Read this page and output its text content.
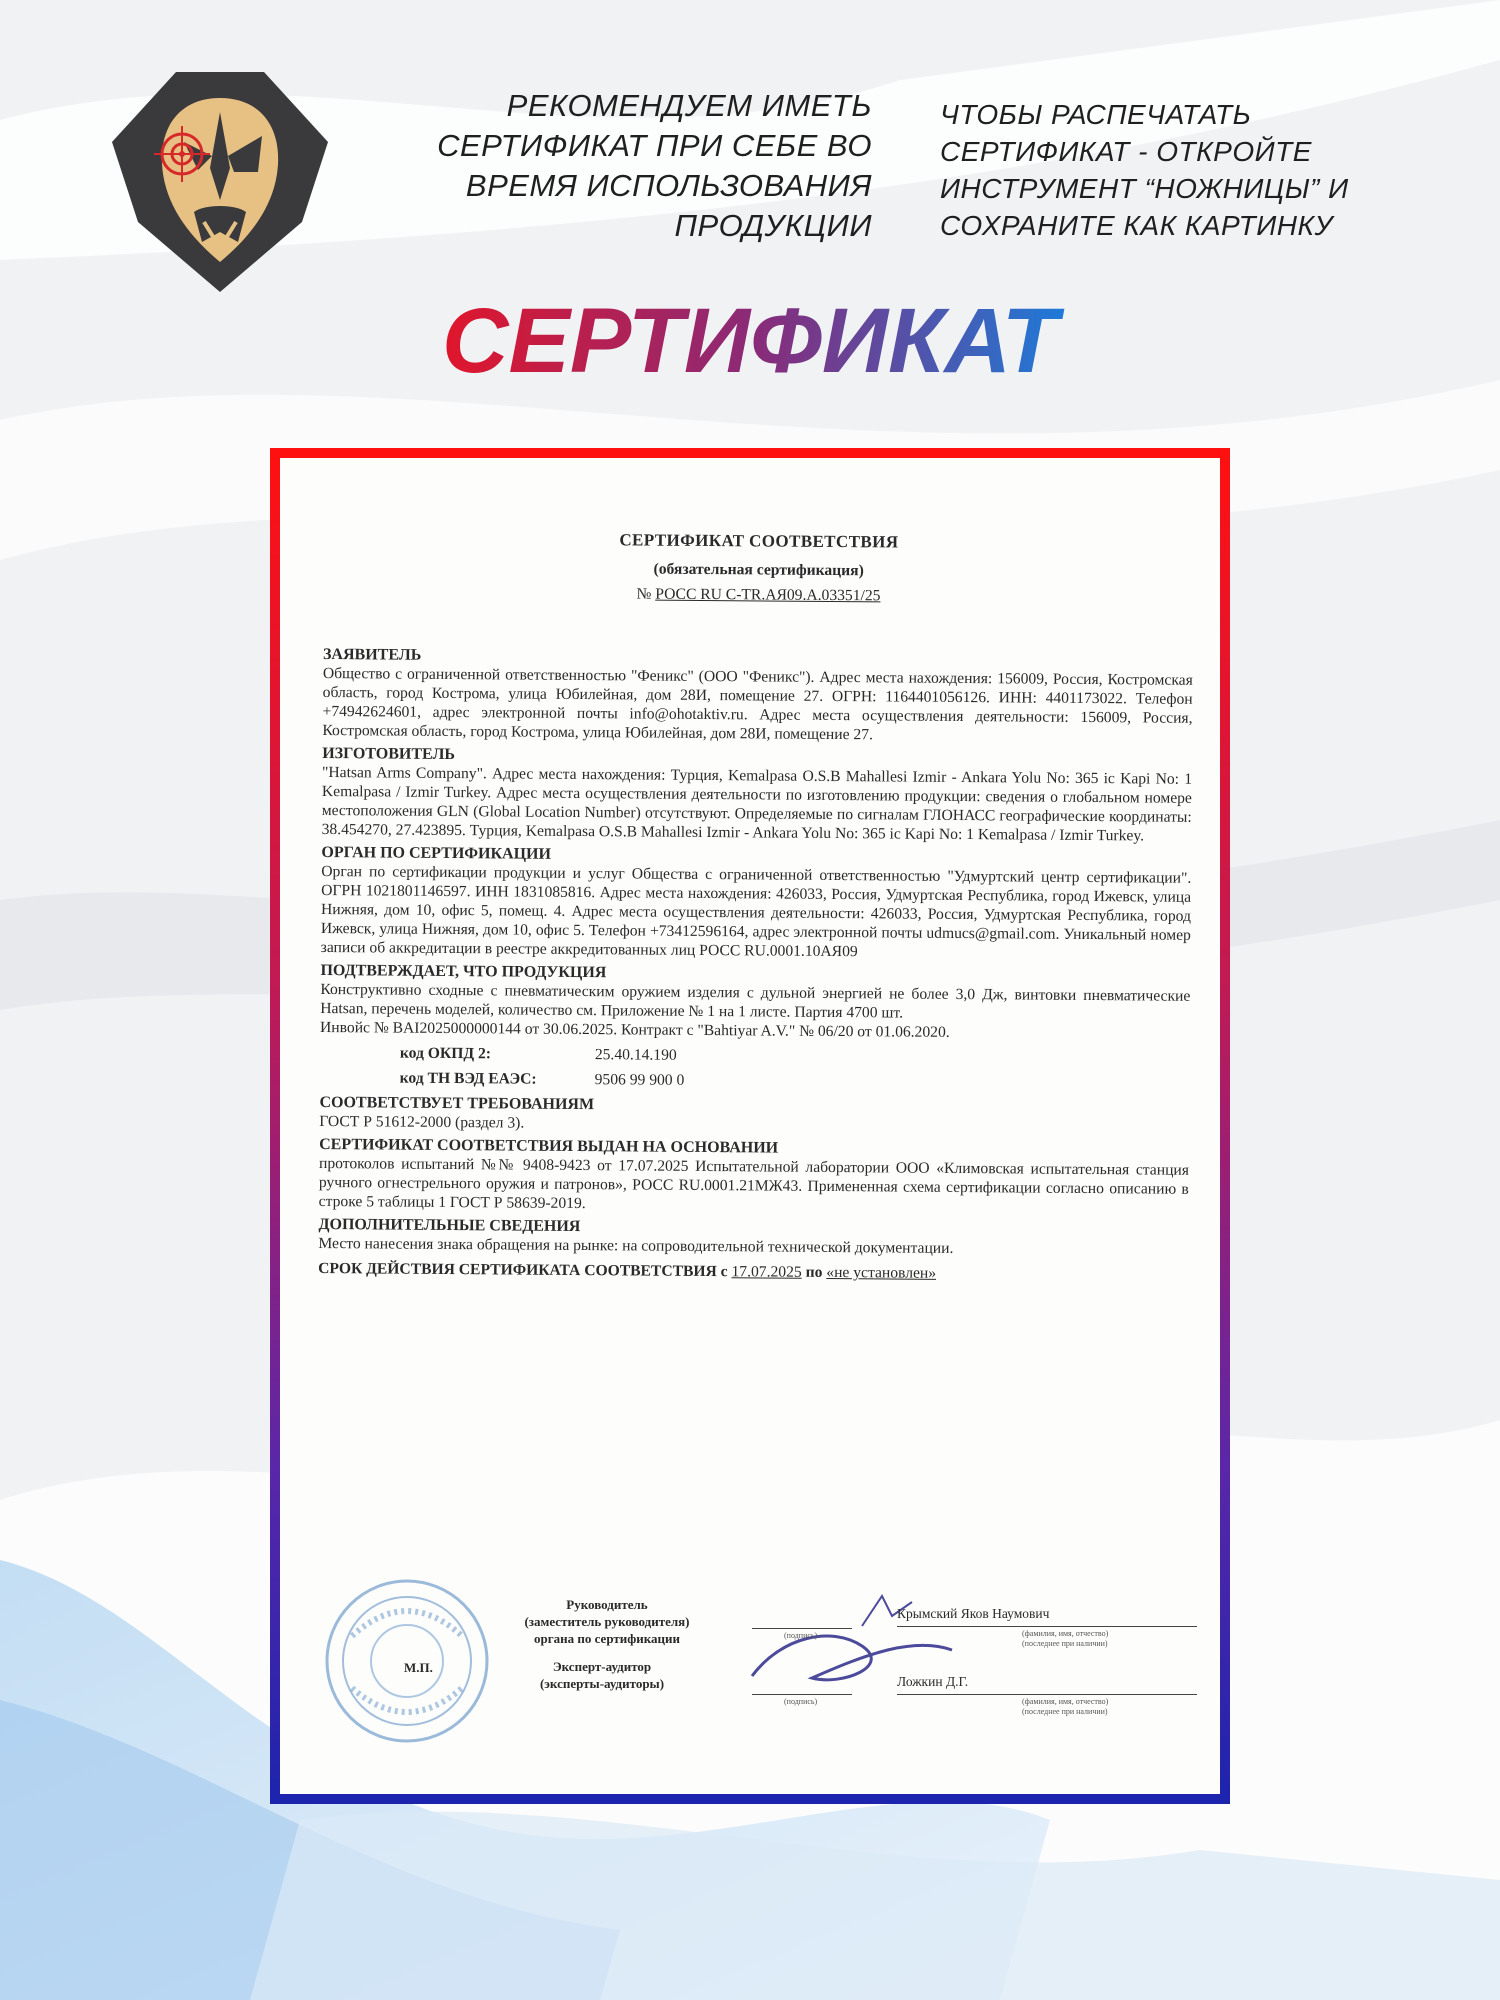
РЕКОМЕНДУЕМ ИМЕТЬ
СЕРТИФИКАТ ПРИ СЕБЕ ВО
ВРЕМЯ ИСПОЛЬЗОВАНИЯ
ПРОДУКЦИИ

ЧТОБЫ РАСПЕЧАТАТЬ
СЕРТИФИКАТ - ОТКРОЙТЕ
ИНСТРУМЕНТ “НОЖНИЦЫ” И
СОХРАНИТЕ КАК КАРТИНКУ

СЕРТИФИКАТ
СЕРТИФИКАТ СООТВЕТСТВИЯ
(обязательная сертификация)
№ РОСС RU C-TR.АЯ09.А.03351/25
ЗАЯВИТЕЛЬ
Общество с ограниченной ответственностью "Феникс" (ООО "Феникс"). Адрес места нахождения: 156009, Россия, Костромская область, город Кострома, улица Юбилейная, дом 28И, помещение 27. ОГРН: 1164401056126. ИНН: 4401173022. Телефон +74942624601, адрес электронной почты info@ohotaktiv.ru. Адрес места осуществления деятельности: 156009, Россия, Костромская область, город Кострома, улица Юбилейная, дом 28И, помещение 27.
ИЗГОТОВИТЕЛЬ
"Hatsan Arms Company". Адрес места нахождения: Турция, Kemalpasa O.S.B Mahallesi Izmir - Ankara Yolu No: 365 ic Kapi No: 1 Kemalpasa / Izmir Turkey. Адрес места осуществления деятельности по изготовлению продукции: сведения о глобальном номере местоположения GLN (Global Location Number) отсутствуют. Определяемые по сигналам ГЛОНАСС географические координаты: 38.454270, 27.423895. Турция, Kemalpasa O.S.B Mahallesi Izmir - Ankara Yolu No: 365 ic Kapi No: 1 Kemalpasa / Izmir Turkey.
ОРГАН ПО СЕРТИФИКАЦИИ
Орган по сертификации продукции и услуг Общества с ограниченной ответственностью "Удмуртский центр сертификации". ОГРН 1021801146597. ИНН 1831085816. Адрес места нахождения: 426033, Россия, Удмуртская Республика, город Ижевск, улица Нижняя, дом 10, офис 5, помещ. 4. Адрес места осуществления деятельности: 426033, Россия, Удмуртская Республика, город Ижевск, улица Нижняя, дом 10, офис 5. Телефон +73412596164, адрес электронной почты udmucs@gmail.com. Уникальный номер записи об аккредитации в реестре аккредитованных лиц РОСС RU.0001.10АЯ09
ПОДТВЕРЖДАЕТ, ЧТО ПРОДУКЦИЯ
Конструктивно сходные с пневматическим оружием изделия с дульной энергией не более 3,0 Дж, винтовки пневматические Hatsan, перечень моделей, количество см. Приложение № 1 на 1 листе. Партия 4700 шт.
Инвойс № BAI2025000000144 от 30.06.2025. Контракт с "Bahtiyar A.V." № 06/20 от 01.06.2020.
код ОКПД 2:	25.40.14.190
код ТН ВЭД ЕАЭС:	9506 99 900 0
СООТВЕТСТВУЕТ ТРЕБОВАНИЯМ
ГОСТ Р 51612-2000 (раздел 3).
СЕРТИФИКАТ СООТВЕТСТВИЯ ВЫДАН НА ОСНОВАНИИ
протоколов испытаний №№ 9408-9423 от 17.07.2025 Испытательной лаборатории ООО «Климовская испытательная станция ручного огнестрельного оружия и патронов», РОСС RU.0001.21МЖ43. Примененная схема сертификации согласно описанию в строке 5 таблицы 1 ГОСТ Р 58639-2019.
ДОПОЛНИТЕЛЬНЫЕ СВЕДЕНИЯ
Место нанесения знака обращения на рынке: на сопроводительной технической документации.
СРОК ДЕЙСТВИЯ СЕРТИФИКАТА СООТВЕТСТВИЯ с 17.07.2025 по «не установлен»
М.П.
Руководитель
(заместитель руководителя)
органа по сертификации
Эксперт-аудитор
(эксперты-аудиторы)
(подпись)
(подпись)
Крымский Яков Наумович
(фамилия, имя, отчество)
(последнее при наличии)
Ложкин Д.Г.
(фамилия, имя, отчество)
(последнее при наличии)
